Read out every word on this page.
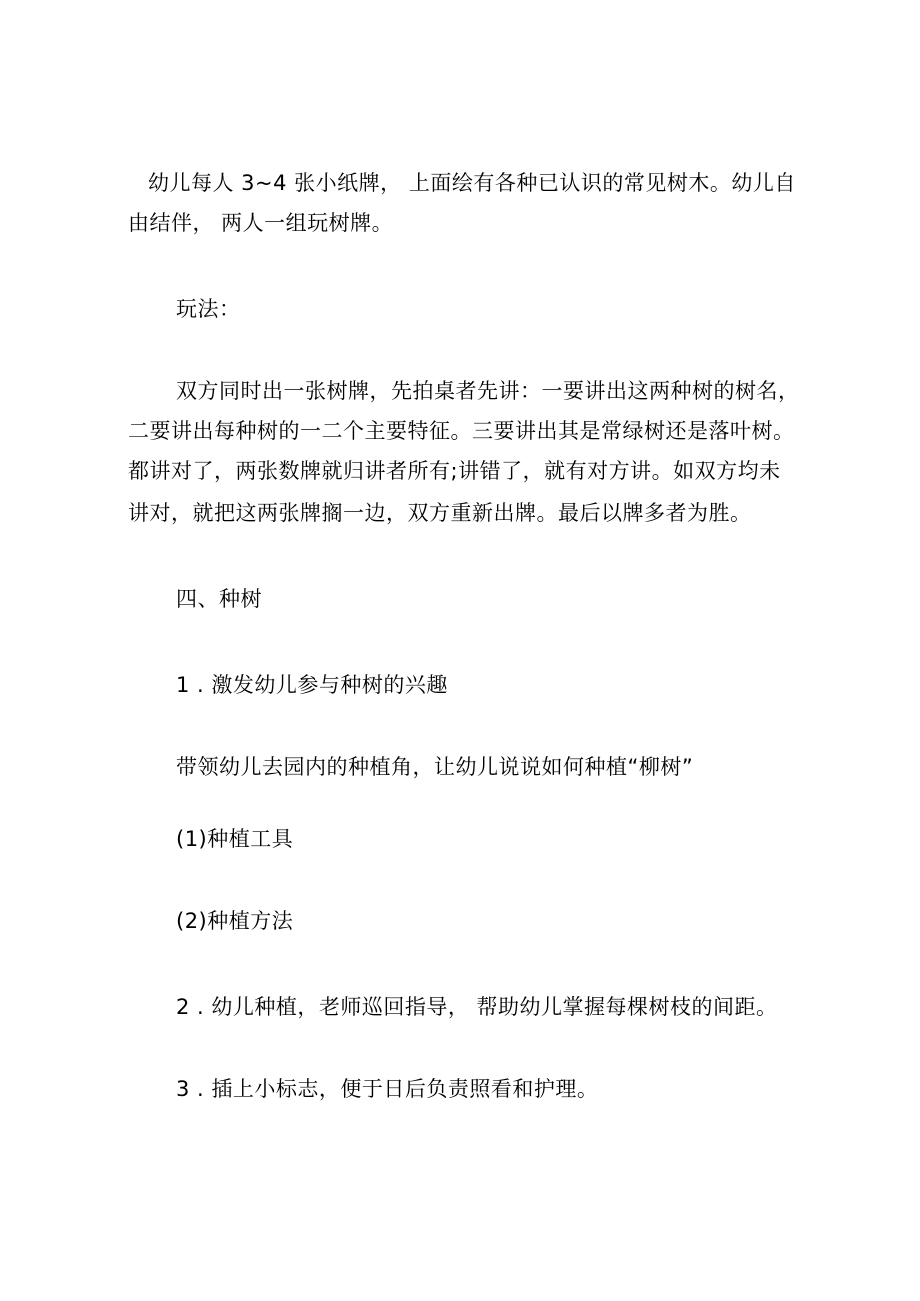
幼儿每人 3~4 张小纸牌， 上面绘有各种已认识的常见树木。幼儿自
由结伴， 两人一组玩树牌。
玩法：
双方同时出一张树牌，先拍桌者先讲：一要讲出这两种树的树名，
二要讲出每种树的一二个主要特征。三要讲出其是常绿树还是落叶树。
都讲对了，两张数牌就归讲者所有;讲错了，就有对方讲。如双方均未
讲对，就把这两张牌搁一边，双方重新出牌。最后以牌多者为胜。
四、种树
1 . 激发幼儿参与种树的兴趣
带领幼儿去园内的种植角，让幼儿说说如何种植“柳树”
(1)种植工具
(2)种植方法
2 . 幼儿种植，老师巡回指导， 帮助幼儿掌握每棵树枝的间距。
3 . 插上小标志，便于日后负责照看和护理。
